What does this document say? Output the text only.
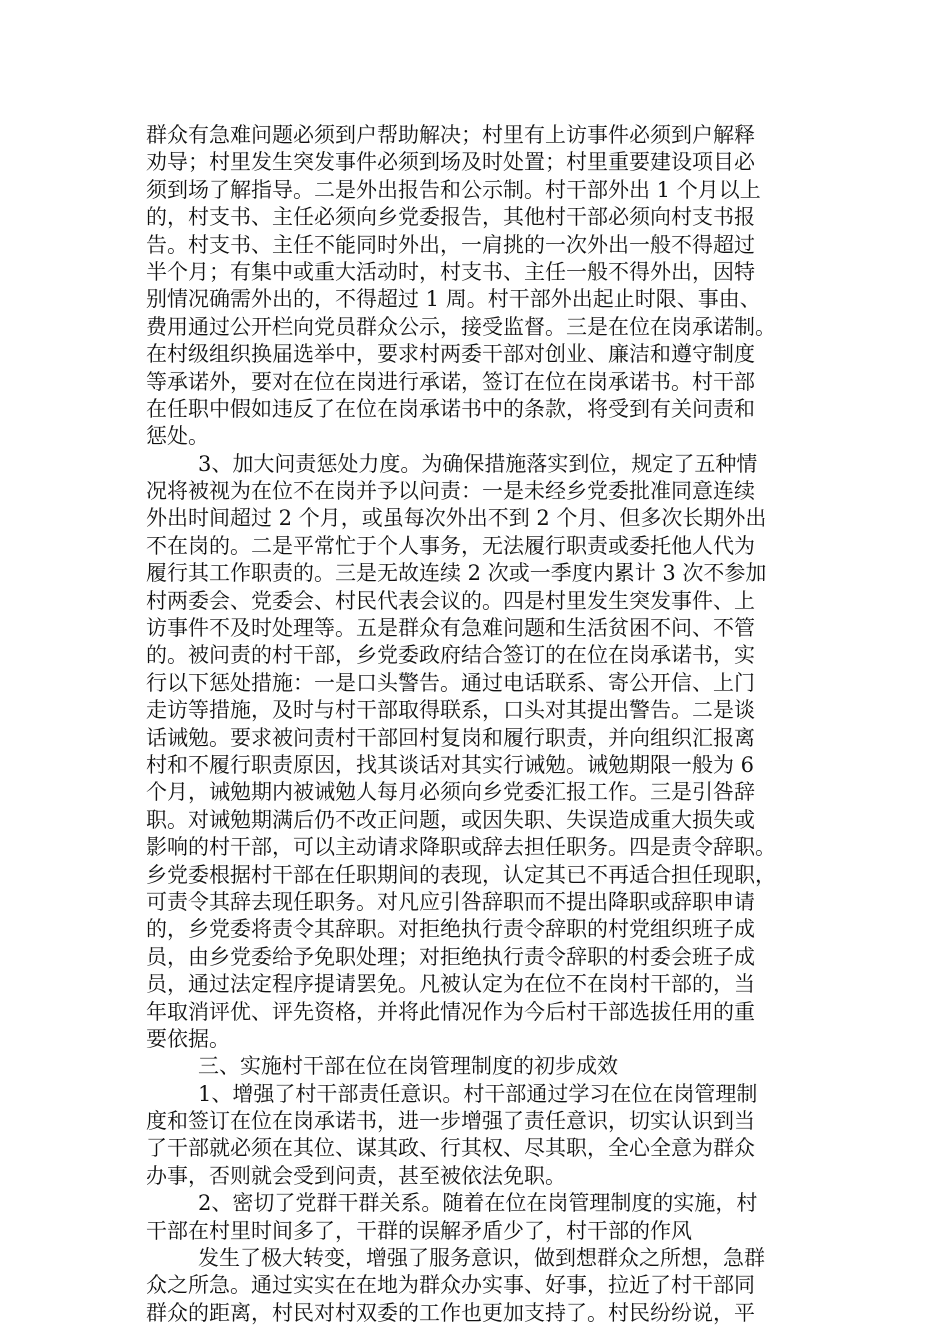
群众有急难问题必须到户帮助解决；村里有上访事件必须到户解释
劝导；村里发生突发事件必须到场及时处置；村里重要建设项目必
须到场了解指导。二是外出报告和公示制。村干部外出 1 个月以上
的，村支书、主任必须向乡党委报告，其他村干部必须向村支书报
告。村支书、主任不能同时外出，一肩挑的一次外出一般不得超过
半个月；有集中或重大活动时，村支书、主任一般不得外出，因特
别情况确需外出的，不得超过 1 周。村干部外出起止时限、事由、
费用通过公开栏向党员群众公示，接受监督。三是在位在岗承诺制。
在村级组织换届选举中，要求村两委干部对创业、廉洁和遵守制度
等承诺外，要对在位在岗进行承诺，签订在位在岗承诺书。村干部
在任职中假如违反了在位在岗承诺书中的条款，将受到有关问责和
惩处。
3、加大问责惩处力度。为确保措施落实到位，规定了五种情
况将被视为在位不在岗并予以问责：一是未经乡党委批准同意连续
外出时间超过 2 个月，或虽每次外出不到 2 个月、但多次长期外出
不在岗的。二是平常忙于个人事务，无法履行职责或委托他人代为
履行其工作职责的。三是无故连续 2 次或一季度内累计 3 次不参加
村两委会、党委会、村民代表会议的。四是村里发生突发事件、上
访事件不及时处理等。五是群众有急难问题和生活贫困不问、不管
的。被问责的村干部，乡党委政府结合签订的在位在岗承诺书，实
行以下惩处措施：一是口头警告。通过电话联系、寄公开信、上门
走访等措施，及时与村干部取得联系，口头对其提出警告。二是谈
话诫勉。要求被问责村干部回村复岗和履行职责，并向组织汇报离
村和不履行职责原因，找其谈话对其实行诫勉。诫勉期限一般为 6
个月，诫勉期内被诫勉人每月必须向乡党委汇报工作。三是引咎辞
职。对诫勉期满后仍不改正问题，或因失职、失误造成重大损失或
影响的村干部，可以主动请求降职或辞去担任职务。四是责令辞职。
乡党委根据村干部在任职期间的表现，认定其已不再适合担任现职，
可责令其辞去现任职务。对凡应引咎辞职而不提出降职或辞职申请
的，乡党委将责令其辞职。对拒绝执行责令辞职的村党组织班子成
员，由乡党委给予免职处理；对拒绝执行责令辞职的村委会班子成
员，通过法定程序提请罢免。凡被认定为在位不在岗村干部的，当
年取消评优、评先资格，并将此情况作为今后村干部选拔任用的重
要依据。
三、实施村干部在位在岗管理制度的初步成效
1、增强了村干部责任意识。村干部通过学习在位在岗管理制
度和签订在位在岗承诺书，进一步增强了责任意识，切实认识到当
了干部就必须在其位、谋其政、行其权、尽其职，全心全意为群众
办事，否则就会受到问责，甚至被依法免职。
2、密切了党群干群关系。随着在位在岗管理制度的实施，村
干部在村里时间多了，干群的误解矛盾少了，村干部的作风
发生了极大转变，增强了服务意识，做到想群众之所想，急群
众之所急。通过实实在在地为群众办实事、好事，拉近了村干部同
群众的距离，村民对村双委的工作也更加支持了。村民纷纷说，平
